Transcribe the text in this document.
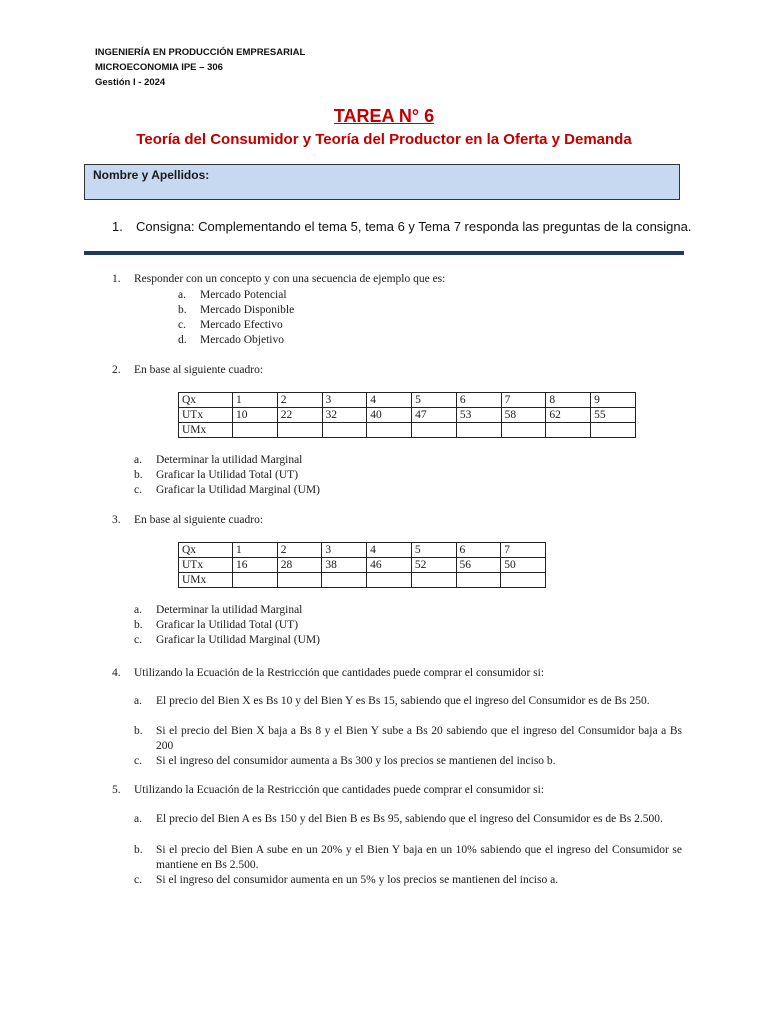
INGENIERÍA EN PRODUCCIÓN EMPRESARIAL
MICROECONOMIA IPE – 306
Gestión I - 2024
TAREA N° 6
Teoría del Consumidor y Teoría del Productor en la Oferta y Demanda
Nombre y Apellidos:
1. Consigna: Complementando el tema 5, tema 6 y Tema 7 responda las preguntas de la consigna.
1. Responder con un concepto y con una secuencia de ejemplo que es:
a. Mercado Potencial
b. Mercado Disponible
c. Mercado Efectivo
d. Mercado Objetivo
2. En base al siguiente cuadro:
Qx	1	2	3	4	5	6	7	8	9
UTx	10	22	32	40	47	53	58	62	55
UMx									
a. Determinar la utilidad Marginal
b. Graficar la Utilidad Total (UT)
c. Graficar la Utilidad Marginal (UM)
3. En base al siguiente cuadro:
Qx	1	2	3	4	5	6	7
UTx	16	28	38	46	52	56	50
UMx							
a. Determinar la utilidad Marginal
b. Graficar la Utilidad Total (UT)
c. Graficar la Utilidad Marginal (UM)
4. Utilizando la Ecuación de la Restricción que cantidades puede comprar el consumidor si:
a. El precio del Bien X es Bs 10 y del Bien Y es Bs 15, sabiendo que el ingreso del Consumidor es de Bs 250.
b. Si el precio del Bien X baja a Bs 8 y el Bien Y sube a Bs 20 sabiendo que el ingreso del Consumidor baja a Bs 200
c. Si el ingreso del consumidor aumenta a Bs 300 y los precios se mantienen del inciso b.
5. Utilizando la Ecuación de la Restricción que cantidades puede comprar el consumidor si:
a. El precio del Bien A es Bs 150 y del Bien B es Bs 95, sabiendo que el ingreso del Consumidor es de Bs 2.500.
b. Si el precio del Bien A sube en un 20% y el Bien Y baja en un 10% sabiendo que el ingreso del Consumidor se mantiene en Bs 2.500.
c. Si el ingreso del consumidor aumenta en un 5% y los precios se mantienen del inciso a.
